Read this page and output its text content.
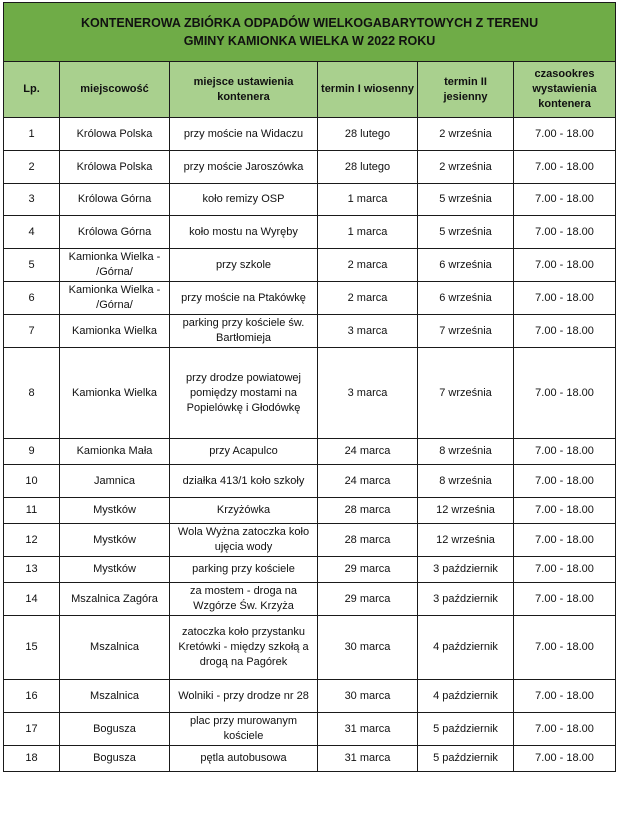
KONTENEROWA ZBIÓRKA ODPADÓW WIELKOGABARYTOWYCH Z TERENU
GMINY KAMIONKA WIELKA W 2022 ROKU					

Lp.	miejscowość	miejsce ustawienia kontenera	termin I wiosenny	termin II jesienny	czasookres wystawienia kontenera
1	Królowa Polska	przy moście na Widaczu	28 lutego	2 września	7.00 - 18.00
2	Królowa Polska	przy moście Jaroszówka	28 lutego	2 września	7.00 - 18.00
3	Królowa Górna	koło remizy OSP	1 marca	5 września	7.00 - 18.00
4	Królowa Górna	koło mostu na Wyręby	1 marca	5 września	7.00 - 18.00
5	Kamionka Wielka - /Górna/	przy szkole	2 marca	6 września	7.00 - 18.00
6	Kamionka Wielka - /Górna/	przy moście na Ptakówkę	2 marca	6 września	7.00 - 18.00
7	Kamionka Wielka	parking przy kościele św. Bartłomieja	3 marca	7 września	7.00 - 18.00
8	Kamionka Wielka	przy drodze powiatowej pomiędzy mostami na Popielówkę i Głodówkę	3 marca	7 września	7.00 - 18.00
9	Kamionka Mała	przy Acapulco	24 marca	8 września	7.00 - 18.00
10	Jamnica	działka 413/1 koło szkoły	24 marca	8 września	7.00 - 18.00
11	Mystków	Krzyżówka	28 marca	12 września	7.00 - 18.00
12	Mystków	Wola Wyżna zatoczka koło ujęcia wody	28 marca	12 września	7.00 - 18.00
13	Mystków	parking przy kościele	29 marca	3 październik	7.00 - 18.00
14	Mszalnica Zagóra	za mostem - droga na Wzgórze Św. Krzyża	29 marca	3 październik	7.00 - 18.00
15	Mszalnica	zatoczka koło przystanku Kretówki - między szkołą a drogą na Pagórek	30 marca	4 październik	7.00 - 18.00
16	Mszalnica	Wolniki - przy drodze nr 28	30 marca	4 październik	7.00 - 18.00
17	Bogusza	plac przy murowanym kościele	31 marca	5 październik	7.00 - 18.00
18	Bogusza	pętla autobusowa	31 marca	5 październik	7.00 - 18.00
